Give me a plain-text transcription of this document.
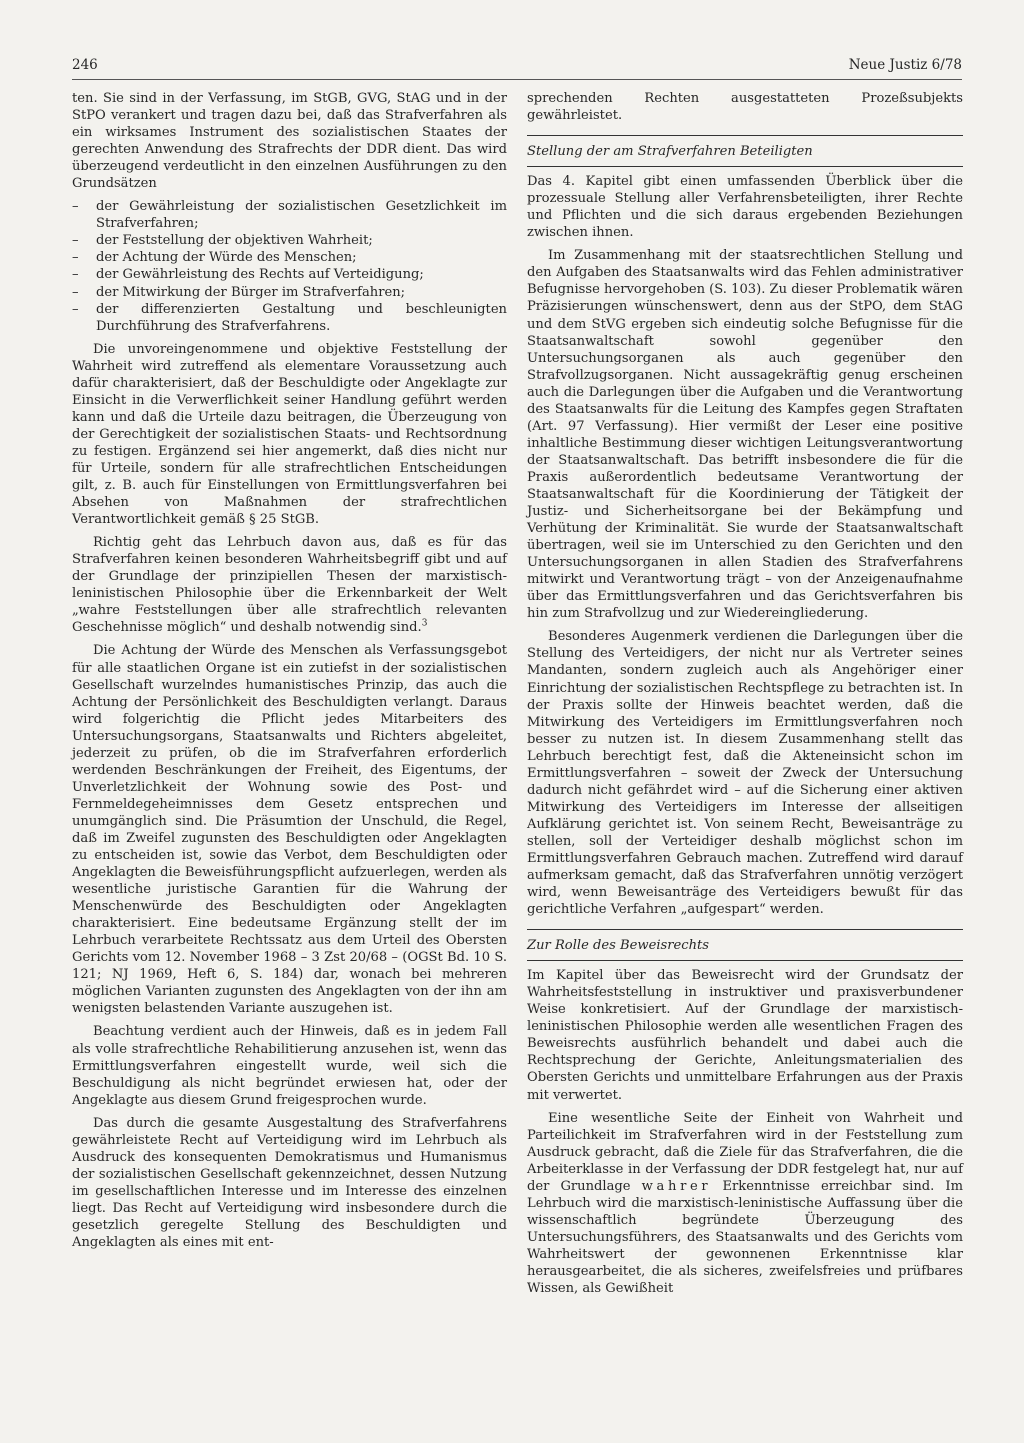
246	Neue Justiz 6/78

ten. Sie sind in der Verfassung, im StGB, GVG, StAG und in der StPO verankert und tragen dazu bei, daß das Strafverfahren als ein wirksames Instrument des sozialistischen Staates der gerechten Anwendung des Strafrechts der DDR dient. Das wird überzeugend verdeutlicht in den einzelnen Ausführungen zu den Grundsätzen

– der Gewährleistung der sozialistischen Gesetzlichkeit im Strafverfahren;
– der Feststellung der objektiven Wahrheit;
– der Achtung der Würde des Menschen;
– der Gewährleistung des Rechts auf Verteidigung;
– der Mitwirkung der Bürger im Strafverfahren;
– der differenzierten Gestaltung und beschleunigten Durchführung des Strafverfahrens.

Die unvoreingenommene und objektive Feststellung der Wahrheit wird zutreffend als elementare Voraussetzung auch dafür charakterisiert, daß der Beschuldigte oder Angeklagte zur Einsicht in die Verwerflichkeit seiner Handlung geführt werden kann und daß die Urteile dazu beitragen, die Überzeugung von der Gerechtigkeit der sozialistischen Staats- und Rechtsordnung zu festigen. Ergänzend sei hier angemerkt, daß dies nicht nur für Urteile, sondern für alle strafrechtlichen Entscheidungen gilt, z. B. auch für Einstellungen von Ermittlungsverfahren bei Absehen von Maßnahmen der strafrechtlichen Verantwortlichkeit gemäß § 25 StGB.

Richtig geht das Lehrbuch davon aus, daß es für das Strafverfahren keinen besonderen Wahrheitsbegriff gibt und auf der Grundlage der prinzipiellen Thesen der marxistisch-leninistischen Philosophie über die Erkennbarkeit der Welt „wahre Feststellungen über alle strafrechtlich relevanten Geschehnisse möglich“ und deshalb notwendig sind.$^3$

Die Achtung der Würde des Menschen als Verfassungsgebot für alle staatlichen Organe ist ein zutiefst in der sozialistischen Gesellschaft wurzelndes humanistisches Prinzip, das auch die Achtung der Persönlichkeit des Beschuldigten verlangt. Daraus wird folgerichtig die Pflicht jedes Mitarbeiters des Untersuchungsorgans, Staatsanwalts und Richters abgeleitet, jederzeit zu prüfen, ob die im Strafverfahren erforderlich werdenden Beschränkungen der Freiheit, des Eigentums, der Unverletzlichkeit der Wohnung sowie des Post- und Fernmeldegeheimnisses dem Gesetz entsprechen und unumgänglich sind. Die Präsumtion der Unschuld, die Regel, daß im Zweifel zugunsten des Beschuldigten oder Angeklagten zu entscheiden ist, sowie das Verbot, dem Beschuldigten oder Angeklagten die Beweisführungspflicht aufzuerlegen, werden als wesentliche juristische Garantien für die Wahrung der Menschenwürde des Beschuldigten oder Angeklagten charakterisiert. Eine bedeutsame Ergänzung stellt der im Lehrbuch verarbeitete Rechtssatz aus dem Urteil des Obersten Gerichts vom 12. November 1968 – 3 Zst 20/68 – (OGSt Bd. 10 S. 121; NJ 1969, Heft 6, S. 184) dar, wonach bei mehreren möglichen Varianten zugunsten des Angeklagten von der ihn am wenigsten belastenden Variante auszugehen ist.

Beachtung verdient auch der Hinweis, daß es in jedem Fall als volle strafrechtliche Rehabilitierung anzusehen ist, wenn das Ermittlungsverfahren eingestellt wurde, weil sich die Beschuldigung als nicht begründet erwiesen hat, oder der Angeklagte aus diesem Grund freigesprochen wurde.

Das durch die gesamte Ausgestaltung des Strafverfahrens gewährleistete Recht auf Verteidigung wird im Lehrbuch als Ausdruck des konsequenten Demokratismus und Humanismus der sozialistischen Gesellschaft gekennzeichnet, dessen Nutzung im gesellschaftlichen Interesse und im Interesse des einzelnen liegt. Das Recht auf Verteidigung wird insbesondere durch die gesetzlich geregelte Stellung des Beschuldigten und Angeklagten als eines mit ent-

sprechenden Rechten ausgestatteten Prozeßsubjekts gewährleistet.

Stellung der am Strafverfahren Beteiligten

Das 4. Kapitel gibt einen umfassenden Überblick über die prozessuale Stellung aller Verfahrensbeteiligten, ihrer Rechte und Pflichten und die sich daraus ergebenden Beziehungen zwischen ihnen.

Im Zusammenhang mit der staatsrechtlichen Stellung und den Aufgaben des Staatsanwalts wird das Fehlen administrativer Befugnisse hervorgehoben (S. 103). Zu dieser Problematik wären Präzisierungen wünschenswert, denn aus der StPO, dem StAG und dem StVG ergeben sich eindeutig solche Befugnisse für die Staatsanwaltschaft sowohl gegenüber den Untersuchungsorganen als auch gegenüber den Strafvollzugsorganen. Nicht aussagekräftig genug erscheinen auch die Darlegungen über die Aufgaben und die Verantwortung des Staatsanwalts für die Leitung des Kampfes gegen Straftaten (Art. 97 Verfassung). Hier vermißt der Leser eine positive inhaltliche Bestimmung dieser wichtigen Leitungsverantwortung der Staatsanwaltschaft. Das betrifft insbesondere die für die Praxis außerordentlich bedeutsame Verantwortung der Staatsanwaltschaft für die Koordinierung der Tätigkeit der Justiz- und Sicherheitsorgane bei der Bekämpfung und Verhütung der Kriminalität. Sie wurde der Staatsanwaltschaft übertragen, weil sie im Unterschied zu den Gerichten und den Untersuchungsorganen in allen Stadien des Strafverfahrens mitwirkt und Verantwortung trägt – von der Anzeigenaufnahme über das Ermittlungsverfahren und das Gerichtsverfahren bis hin zum Strafvollzug und zur Wiedereingliederung.

Besonderes Augenmerk verdienen die Darlegungen über die Stellung des Verteidigers, der nicht nur als Vertreter seines Mandanten, sondern zugleich auch als Angehöriger einer Einrichtung der sozialistischen Rechtspflege zu betrachten ist. In der Praxis sollte der Hinweis beachtet werden, daß die Mitwirkung des Verteidigers im Ermittlungsverfahren noch besser zu nutzen ist. In diesem Zusammenhang stellt das Lehrbuch berechtigt fest, daß die Akteneinsicht schon im Ermittlungsverfahren – soweit der Zweck der Untersuchung dadurch nicht gefährdet wird – auf die Sicherung einer aktiven Mitwirkung des Verteidigers im Interesse der allseitigen Aufklärung gerichtet ist. Von seinem Recht, Beweisanträge zu stellen, soll der Verteidiger deshalb möglichst schon im Ermittlungsverfahren Gebrauch machen. Zutreffend wird darauf aufmerksam gemacht, daß das Strafverfahren unnötig verzögert wird, wenn Beweisanträge des Verteidigers bewußt für das gerichtliche Verfahren „aufgespart“ werden.

Zur Rolle des Beweisrechts

Im Kapitel über das Beweisrecht wird der Grundsatz der Wahrheitsfeststellung in instruktiver und praxisverbundener Weise konkretisiert. Auf der Grundlage der marxistisch-leninistischen Philosophie werden alle wesentlichen Fragen des Beweisrechts ausführlich behandelt und dabei auch die Rechtsprechung der Gerichte, Anleitungsmaterialien des Obersten Gerichts und unmittelbare Erfahrungen aus der Praxis mit verwertet.

Eine wesentliche Seite der Einheit von Wahrheit und Parteilichkeit im Strafverfahren wird in der Feststellung zum Ausdruck gebracht, daß die Ziele für das Strafverfahren, die die Arbeiterklasse in der Verfassung der DDR festgelegt hat, nur auf der Grundlage wahrer Erkenntnisse erreichbar sind. Im Lehrbuch wird die marxistisch-leninistische Auffassung über die wissenschaftlich begründete Überzeugung des Untersuchungsführers, des Staatsanwalts und des Gerichts vom Wahrheitswert der gewonnenen Erkenntnisse klar herausgearbeitet, die als sicheres, zweifelsfreies und prüfbares Wissen, als Gewißheit
